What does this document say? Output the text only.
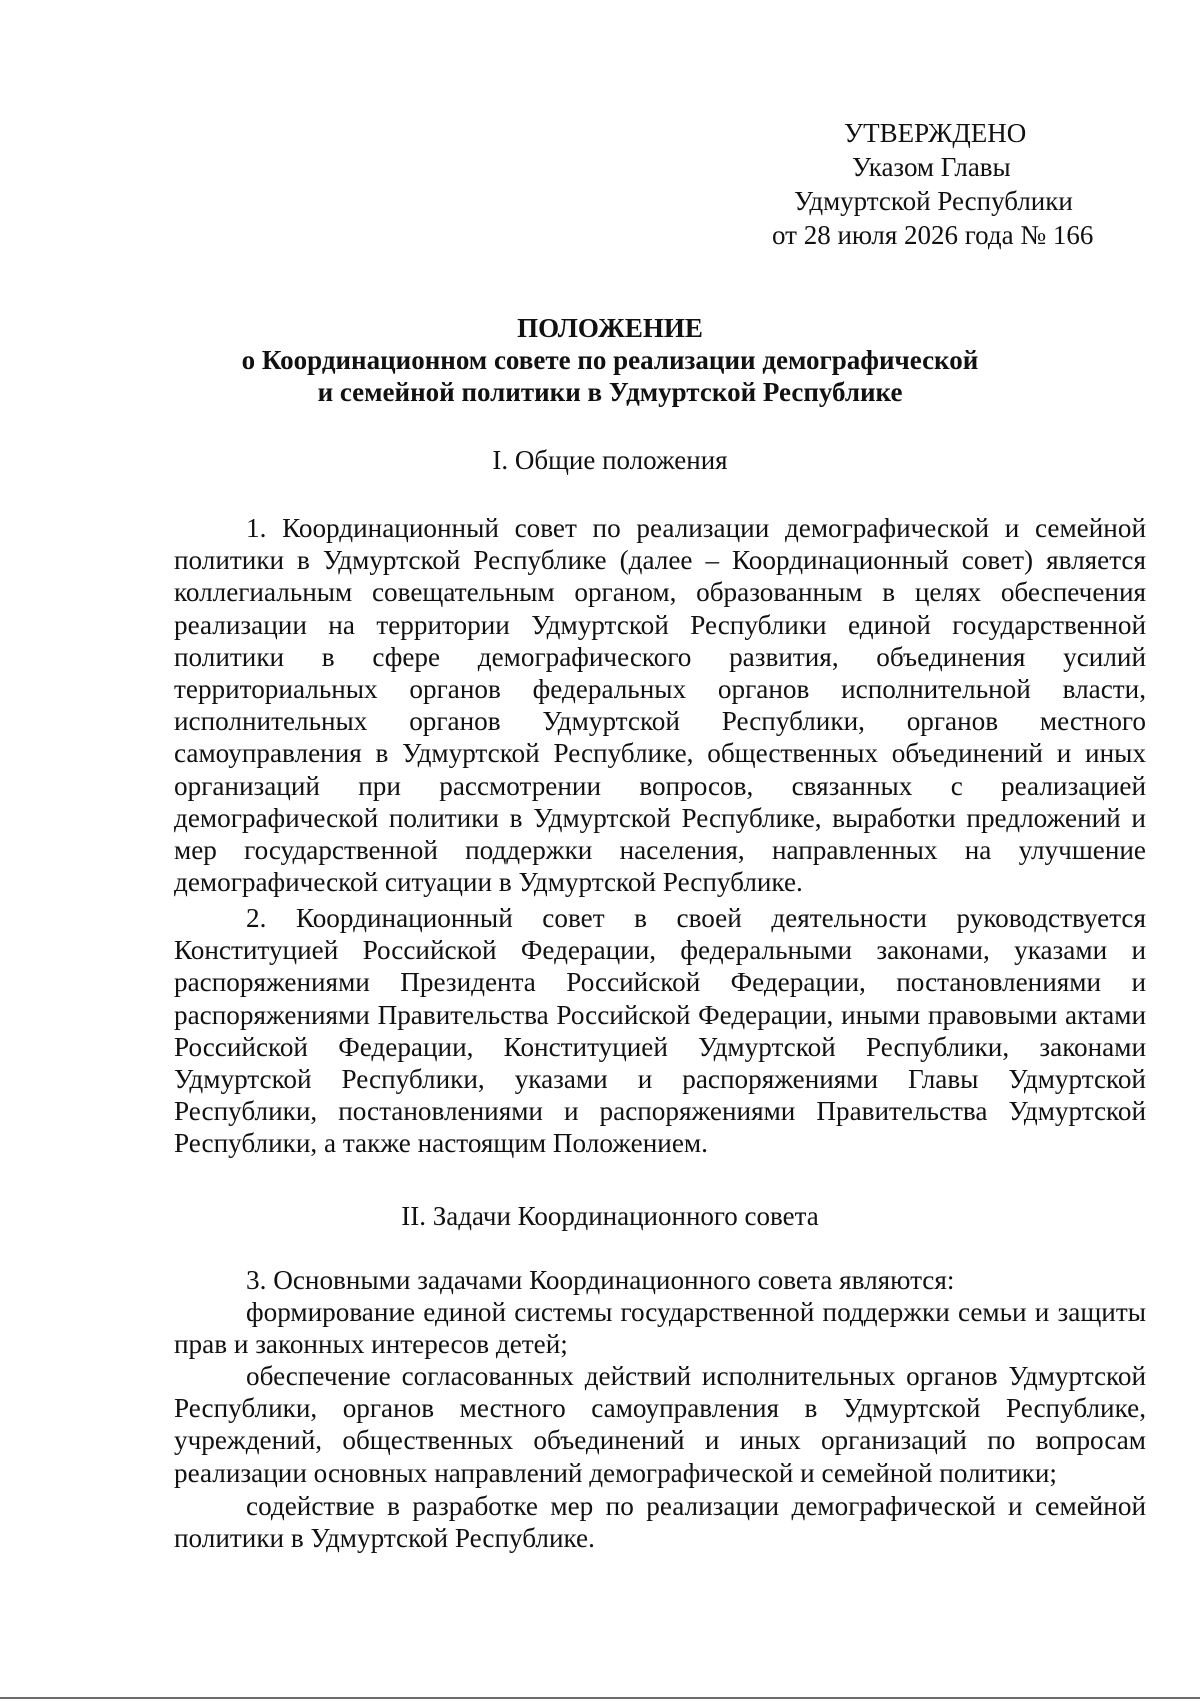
УТВЕРЖДЕНО
Указом Главы
Удмуртской Республики
от 28 июля 2026 года № 166
ПОЛОЖЕНИЕ
о Координационном совете по реализации демографической
и семейной политики в Удмуртской Республике
I. Общие положения

1. Координационный совет по реализации демографической и семейной политики в Удмуртской Республике (далее – Координационный совет) является коллегиальным совещательным органом, образованным в целях обеспечения реализации на территории Удмуртской Республики единой государственной политики в сфере демографического развития, объединения усилий территориальных органов федеральных органов исполнительной власти, исполнительных органов Удмуртской Республики, органов местного самоуправления в Удмуртской Республике, общественных объединений и иных организаций при рассмотрении вопросов, связанных с реализацией демографической политики в Удмуртской Республике, выработки предложений и мер государственной поддержки населения, направленных на улучшение демографической ситуации в Удмуртской Республике.

2. Координационный совет в своей деятельности руководствуется Конституцией Российской Федерации, федеральными законами, указами и распоряжениями Президента Российской Федерации, постановлениями и распоряжениями Правительства Российской Федерации, иными правовыми актами Российской Федерации, Конституцией Удмуртской Республики, законами Удмуртской Республики, указами и распоряжениями Главы Удмуртской Республики, постановлениями и распоряжениями Правительства Удмуртской Республики, а также настоящим Положением.

II. Задачи Координационного совета

3. Основными задачами Координационного совета являются:

формирование единой системы государственной поддержки семьи и защиты прав и законных интересов детей;

обеспечение согласованных действий исполнительных органов Удмуртской Республики, органов местного самоуправления в Удмуртской Республике, учреждений, общественных объединений и иных организаций по вопросам реализации основных направлений демографической и семейной политики;

содействие в разработке мер по реализации демографической и семейной политики в Удмуртской Республике.
